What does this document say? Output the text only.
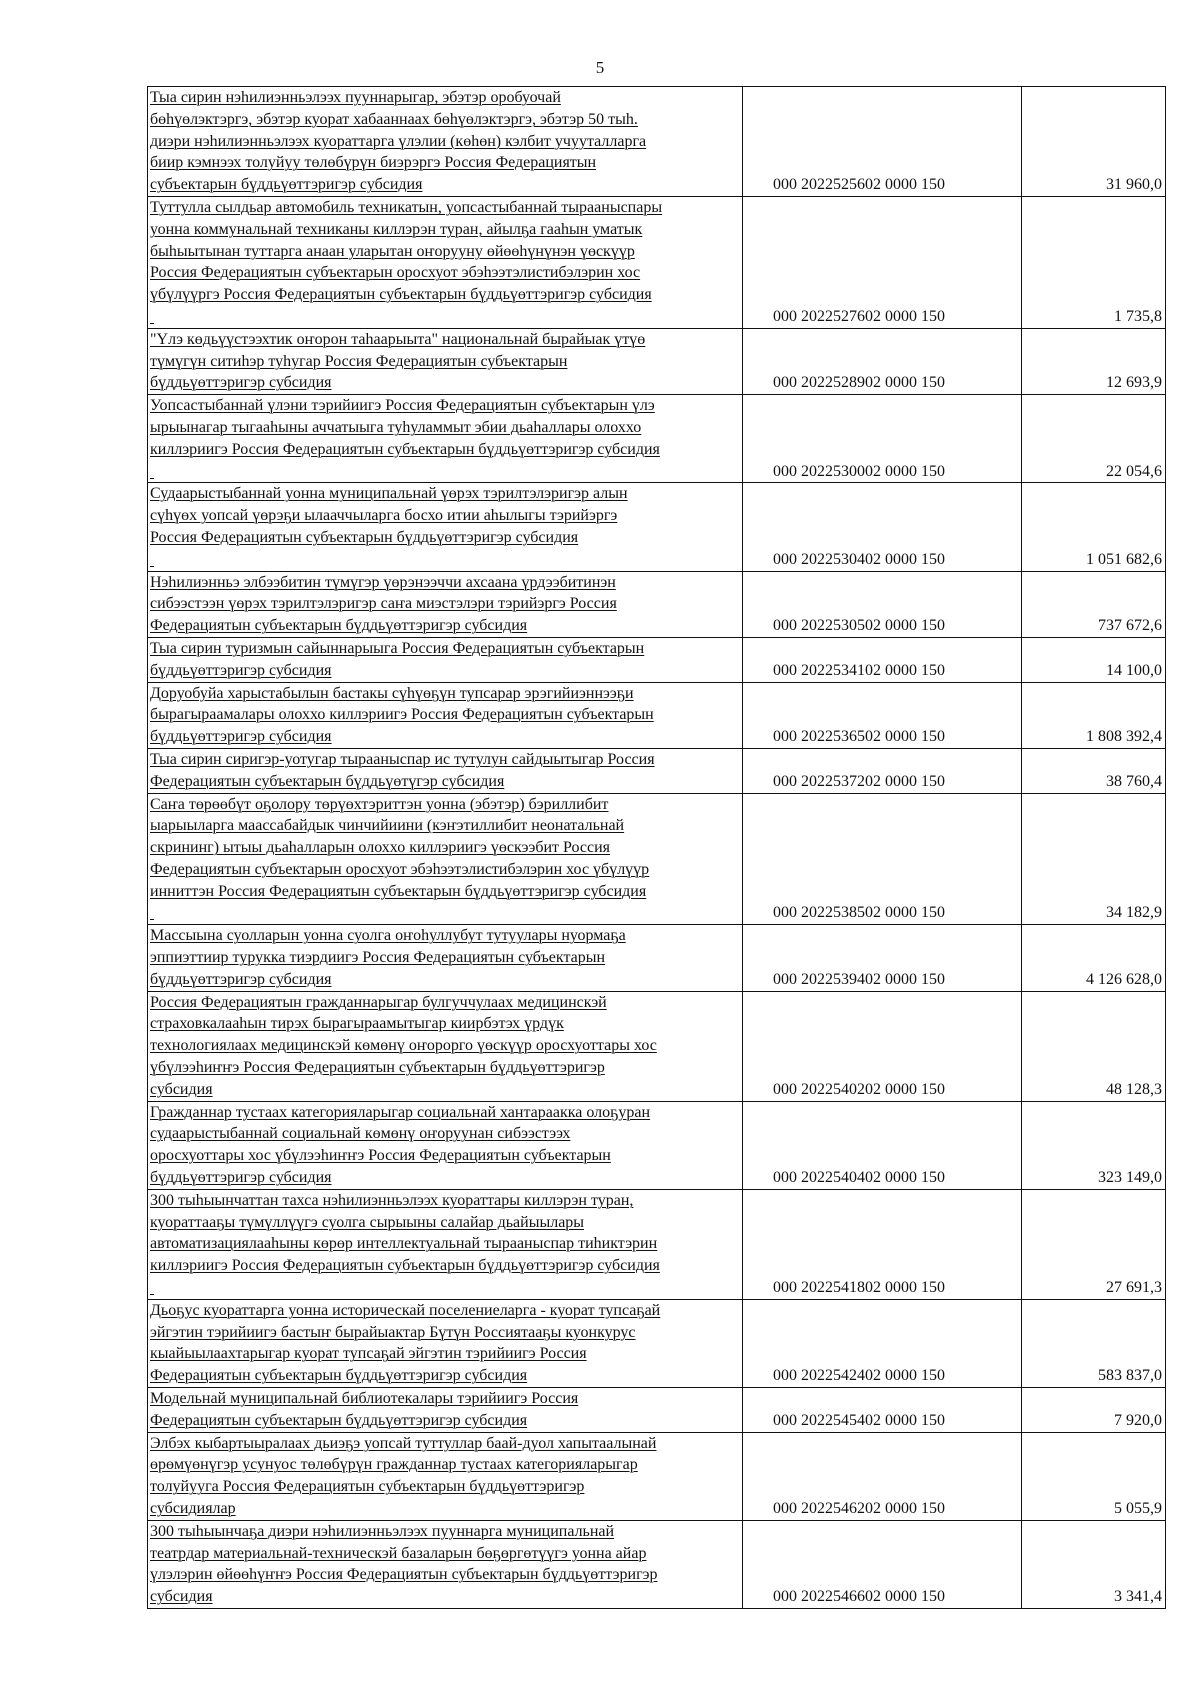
5
Тыа сирин нэһилиэнньэлээх пууннарыгар, эбэтэр оробуочай
бөһүөлэктэргэ, эбэтэр куорат хабааннаах бөһүөлэктэргэ, эбэтэр 50 тыһ.
диэри нэһилиэнньэлээх куораттарга үлэлии (көһөн) кэлбит учууталларга
биир кэмнээх толуйуу төлөбүрүн биэрэргэ Россия Федерациятын
субъектарын бүддьүөттэригэр субсидия	000 2022525602 0000 150	31 960,0

Туттулла сылдьар автомобиль техникатын, уопсастыбаннай тырааныспары
уонна коммунальнай техниканы киллэрэн туран, айылҕа гааһын уматык
быһыытынан туттарга анаан уларытан оҥорууну өйөөһүнүнэн үөскүүр
Россия Федерациятын субъектарын оросхуот эбэһээтэлистибэлэрин хос
үбүлүүргэ Россия Федерациятын субъектарын бүддьүөттэригэр субсидия	000 2022527602 0000 150	1 735,8

"Үлэ көдьүүстээхтик оҥорон таһаарыыта" национальнай бырайыак үтүө
түмүгүн ситиһэр туһугар Россия Федерациятын субъектарын
бүддьүөттэригэр субсидия	000 2022528902 0000 150	12 693,9

Уопсастыбаннай үлэни тэрийиигэ Россия Федерациятын субъектарын үлэ
ырыынагар тыгааһыны аччатыыга туһуламмыт эбии дьаһаллары олоххо
киллэриигэ Россия Федерациятын субъектарын бүддьүөттэригэр субсидия	000 2022530002 0000 150	22 054,6

Судаарыстыбаннай уонна муниципальнай үөрэх тэрилтэлэригэр алын
сүһүөх уопсай үөрэҕи ылааччыларга босхо итии аһылыгы тэрийэргэ
Россия Федерациятын субъектарын бүддьүөттэригэр субсидия	000 2022530402 0000 150	1 051 682,6

Нэһилиэнньэ элбээбитин түмүгэр үөрэнээччи ахсаана үрдээбитинэн
сибээстээн үөрэх тэрилтэлэригэр саҥа миэстэлэри тэрийэргэ Россия
Федерациятын субъектарын бүддьүөттэригэр субсидия	000 2022530502 0000 150	737 672,6

Тыа сирин туризмын сайыннарыыга Россия Федерациятын субъектарын
бүддьүөттэригэр субсидия	000 2022534102 0000 150	14 100,0

Доруобуйа харыстабылын бастакы сүһүөҕүн тупсарар эрэгийиэннээҕи
бырагыраамалары олоххо киллэриигэ Россия Федерациятын субъектарын
бүддьүөттэригэр субсидия	000 2022536502 0000 150	1 808 392,4

Тыа сирин сиригэр-уотугар тырааныспар ис тутулун сайдыытыгар Россия
Федерациятын субъектарын бүддьүөтүгэр субсидия	000 2022537202 0000 150	38 760,4

Саҥа төрөөбүт оҕолору төрүөхтэриттэн уонна (эбэтэр) бэриллибит
ыарыыларга маассабайдык чинчийиини (кэҥэтиллибит неонатальнай
скрининг) ытыы дьаһалларын олоххо киллэриигэ үөскээбит Россия
Федерациятын субъектарын оросхуот эбэһээтэлистибэлэрин хос үбүлүүр
инниттэн Россия Федерациятын субъектарын бүддьүөттэригэр субсидия	000 2022538502 0000 150	34 182,9

Массыына суолларын уонна суолга оҥоһуллубут тутуулары нуормаҕа
эппиэттиир турукка тиэрдиигэ Россия Федерациятын субъектарын
бүддьүөттэригэр субсидия	000 2022539402 0000 150	4 126 628,0

Россия Федерациятын гражданнарыгар булгуччулаах медицинскэй
страховкалааһын тирэх бырагыраамытыгар киирбэтэх үрдүк
технологиялаах медицинскэй көмөнү оҥорорго үөскүүр оросхуоттары хос
үбүлээһиҥҥэ Россия Федерациятын субъектарын бүддьүөттэригэр
субсидия	000 2022540202 0000 150	48 128,3

Гражданнар тустаах категорияларыгар социальнай хантараакка олоҕуран
судаарыстыбаннай социальнай көмөнү оҥоруунан сибээстээх
оросхуоттары хос үбүлээһиҥҥэ Россия Федерациятын субъектарын
бүддьүөттэригэр субсидия	000 2022540402 0000 150	323 149,0

300 тыһыынчаттан тахса нэһилиэнньэлээх куораттары киллэрэн туран,
куораттааҕы түмүллүүгэ суолга сырыыны салайар дьайыылары
автоматизациялааһыны көрөр интеллектуальнай тырааныспар тиһиктэрин
киллэриигэ Россия Федерациятын субъектарын бүддьүөттэригэр субсидия	000 2022541802 0000 150	27 691,3

Дьоҕус куораттарга уонна историческай поселениеларга - куорат тупсаҕай
эйгэтин тэрийиигэ бастыҥ бырайыактар Бүтүн Россиятааҕы куонкурус
кыайыылаахтарыгар куорат тупсаҕай эйгэтин тэрийиигэ Россия
Федерациятын субъектарын бүддьүөттэригэр субсидия	000 2022542402 0000 150	583 837,0

Модельнай муниципальнай библиотекалары тэрийиигэ Россия
Федерациятын субъектарын бүддьүөттэригэр субсидия	000 2022545402 0000 150	7 920,0

Элбэх кыбартыыралаах дьиэҕэ уопсай туттуллар баай-дуол хапытаалынай
өрөмүөнүгэр усунуос төлөбүрүн гражданнар тустаах категорияларыгар
толуйууга Россия Федерациятын субъектарын бүддьүөттэригэр
субсидиялар	000 2022546202 0000 150	5 055,9

300 тыһыынчаҕа диэри нэһилиэнньэлээх пууннарга муниципальнай
театрдар материальнай-техническэй базаларын бөҕөргөтүүгэ уонна айар
үлэлэрин өйөөһүҥҥэ Россия Федерациятын субъектарын бүддьүөттэригэр
субсидия	000 2022546602 0000 150	3 341,4
